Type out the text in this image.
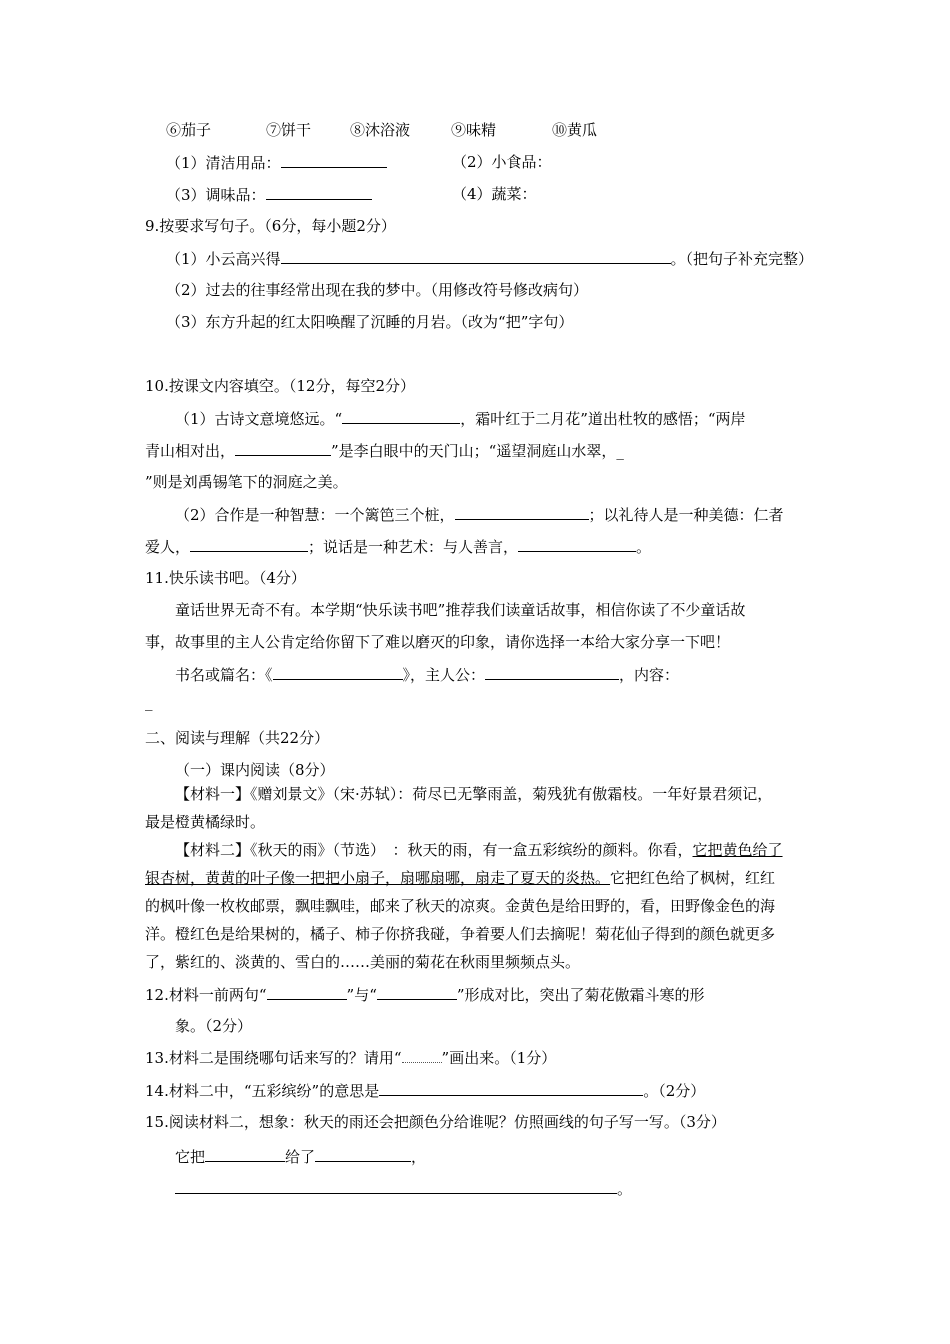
⑥茄子	⑦饼干	⑧沐浴液	⑨味精	⑩黄瓜
（1）清洁用品：	（2）小食品：
（3）调味品：	（4）蔬菜：
9.按要求写句子。（6分，每小题2分）
（1）小云高兴得	。（把句子补充完整）
（2）过去的往事经常出现在我的梦中。（用修改符号修改病句）
（3）东方升起的红太阳唤醒了沉睡的月岩。（改为“把”字句）
10.按课文内容填空。（12分，每空2分）
（1）古诗文意境悠远。“	，霜叶红于二月花”道出杜牧的感悟；“两岸
青山相对出，	”是李白眼中的天门山；“遥望洞庭山水翠，_
”则是刘禹锡笔下的洞庭之美。
（2）合作是一种智慧：一个篱笆三个桩，	；以礼待人是一种美德：仁者
爱人，	；说话是一种艺术：与人善言，	。
11.快乐读书吧。（4分）
童话世界无奇不有。本学期“快乐读书吧”推荐我们读童话故事，相信你读了不少童话故
事，故事里的主人公肯定给你留下了难以磨灭的印象，请你选择一本给大家分享一下吧！
书名或篇名：《	》，主人公：	，内容：
_
二、阅读与理解（共22分）
（一）课内阅读（8分）
【材料一】《赠刘景文》（宋·苏轼）：荷尽已无擎雨盖，菊残犹有傲霜枝。一年好景君须记，
最是橙黄橘绿时。
【材料二】《秋天的雨》（节选）　：秋天的雨，有一盒五彩缤纷的颜料。你看，它把黄色给了
银杏树，黄黄的叶子像一把把小扇子，扇哪扇哪，扇走了夏天的炎热。它把红色给了枫树，红红
的枫叶像一枚枚邮票，飘哇飘哇，邮来了秋天的凉爽。金黄色是给田野的，看，田野像金色的海
洋。橙红色是给果树的，橘子、柿子你挤我碰，争着要人们去摘呢！菊花仙子得到的颜色就更多
了，紫红的、淡黄的、雪白的……美丽的菊花在秋雨里频频点头。
12.材料一前两句“	”与“	”形成对比，突出了菊花傲霜斗寒的形
象。（2分）
13.材料二是围绕哪句话来写的？请用“	”画出来。（1分）
14.材料二中，“五彩缤纷”的意思是	。（2分）
15.阅读材料二，想象：秋天的雨还会把颜色分给谁呢？仿照画线的句子写一写。（3分）
它把	给了	，
。
